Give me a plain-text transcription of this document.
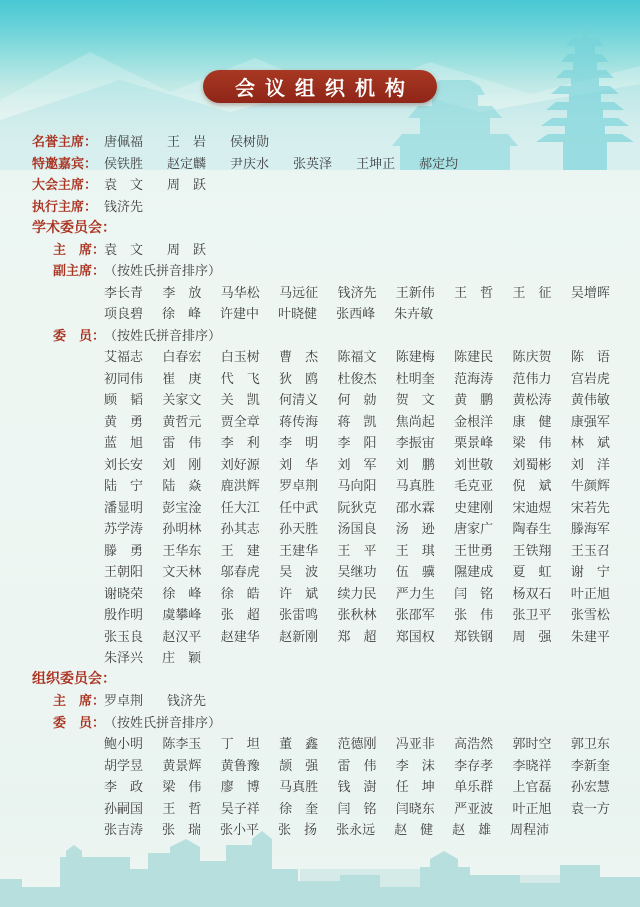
会议组织机构
名誉主席： 唐佩福 王　岩 侯树勋
特邀嘉宾： 侯铁胜 赵定麟 尹庆水 张英泽 王坤正 郝定均
大会主席： 袁　文 周　跃
执行主席： 钱济先
学术委员会：
主　席：
袁　文 周　跃
副主席：
（按姓氏拼音排序）
李长青 李　放 马华松 马远征 钱济先 王新伟 王　哲 王　征 吴增晖
项良碧 徐　峰 许建中 叶晓健 张西峰 朱卉敏
委　员：
（按姓氏拼音排序）
艾福志 白春宏 白玉树 曹　杰 陈福文 陈建梅 陈建民 陈庆贺 陈　语
初同伟 崔　庚 代　飞 狄　鸥 杜俊杰 杜明奎 范海涛 范伟力 宫岩虎
顾　韬 关家文 关　凯 何清义 何　勍 贺　文 黄　鹏 黄松涛 黄伟敏
黄　勇 黄哲元 贾全章 蒋传海 蒋　凯 焦尚起 金根洋 康　健 康强军
蓝　旭 雷　伟 李　利 李　明 李　阳 李振宙 栗景峰 梁　伟 林　斌
刘长安 刘　刚 刘好源 刘　华 刘　军 刘　鹏 刘世敬 刘蜀彬 刘　洋
陆　宁 陆　焱 鹿洪辉 罗卓荆 马向阳 马真胜 毛克亚 倪　斌 牛颜辉
潘显明 彭宝淦 任大江 任中武 阮狄克 邵水霖 史建刚 宋迪煜 宋若先
苏学涛 孙明林 孙其志 孙天胜 汤国良 汤　逊 唐家广 陶春生 滕海军
滕　勇 王华东 王　建 王建华 王　平 王　琪 王世勇 王铁翔 王玉召
王朝阳 文天林 邬春虎 吴　波 吴继功 伍　骥 隰建成 夏　虹 谢　宁
谢晓荣 徐　峰 徐　皓 许　斌 续力民 严力生 闫　铭 杨双石 叶正旭
殷作明 虞攀峰 张　超 张雷鸣 张秋林 张邵军 张　伟 张卫平 张雪松
张玉良 赵汉平 赵建华 赵新刚 郑　超 郑国权 郑铁钢 周　强 朱建平
朱泽兴 庄　颖
组织委员会：
主　席：
罗卓荆 钱济先
委　员：
（按姓氏拼音排序）
鲍小明 陈李玉 丁　坦 董　鑫 范德刚 冯亚非 高浩然 郭时空 郭卫东
胡学昱 黄景辉 黄鲁豫 颉　强 雷　伟 李　沫 李存孝 李晓祥 李新奎
李　政 梁　伟 廖　博 马真胜 钱　澍 任　坤 单乐群 上官磊 孙宏慧
孙嗣国 王　哲 吴子祥 徐　奎 闫　铭 闫晓东 严亚波 叶正旭 袁一方
张吉涛 张　瑞 张小平 张　扬 张永远 赵　健 赵　雄 周程沛
